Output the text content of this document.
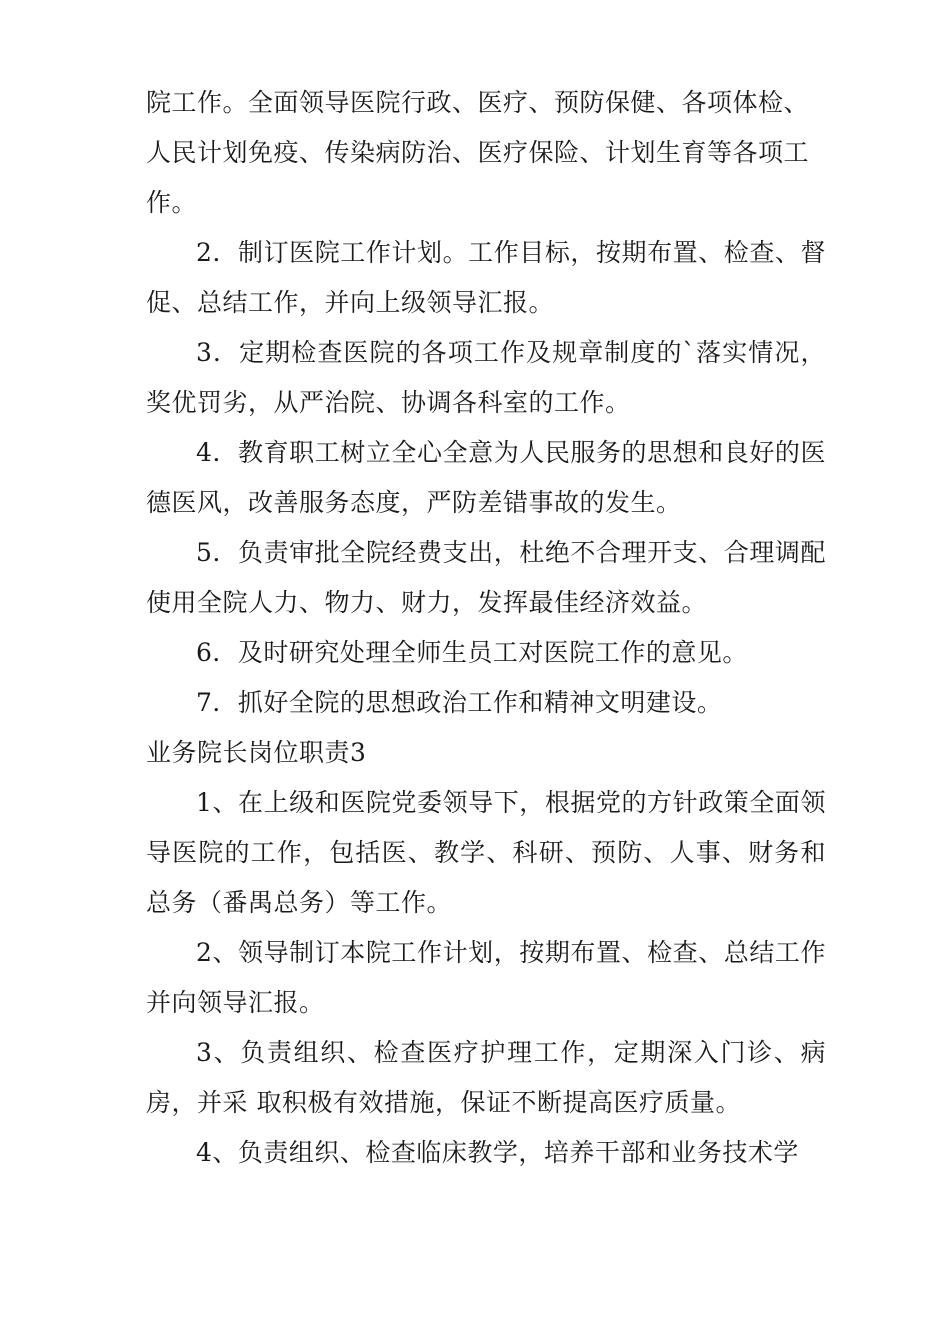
院工作。全面领导医院行政、医疗、预防保健、各项体检、人民计划免疫、传染病防治、医疗保险、计划生育等各项工作。

2．制订医院工作计划。工作目标，按期布置、检查、督促、总结工作，并向上级领导汇报。

3．定期检查医院的各项工作及规章制度的`落实情况，奖优罚劣，从严治院、协调各科室的工作。

4．教育职工树立全心全意为人民服务的思想和良好的医德医风，改善服务态度，严防差错事故的发生。

5．负责审批全院经费支出，杜绝不合理开支、合理调配使用全院人力、物力、财力，发挥最佳经济效益。

6．及时研究处理全师生员工对医院工作的意见。

7．抓好全院的思想政治工作和精神文明建设。

业务院长岗位职责3

1、在上级和医院党委领导下，根据党的方针政策全面领导医院的工作，包括医、教学、科研、预防、人事、财务和总务（番禺总务）等工作。

2、领导制订本院工作计划，按期布置、检查、总结工作并向领导汇报。

3、负责组织、检查医疗护理工作，定期深入门诊、病房，并采 取积极有效措施，保证不断提高医疗质量。

4、负责组织、检查临床教学，培养干部和业务技术学
